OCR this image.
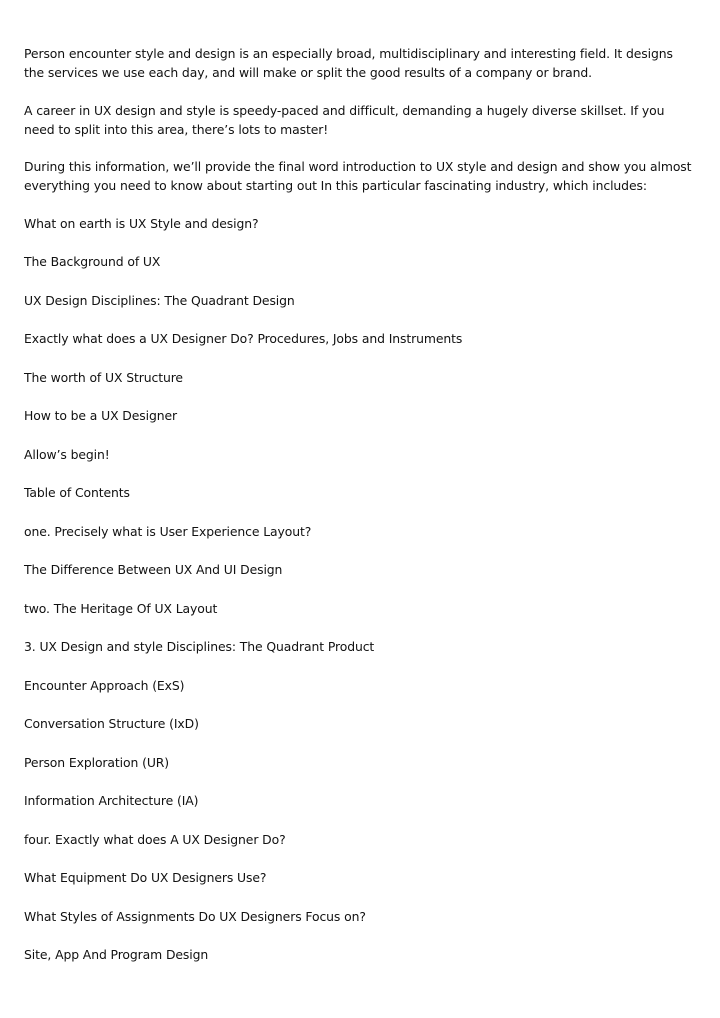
Person encounter style and design is an especially broad, multidisciplinary and interesting field. It designs the services we use each day, and will make or split the good results of a company or brand.

A career in UX design and style is speedy-paced and difficult, demanding a hugely diverse skillset. If you need to split into this area, there’s lots to master!

During this information, we’ll provide the final word introduction to UX style and design and show you almost everything you need to know about starting out In this particular fascinating industry, which includes:

What on earth is UX Style and design?

The Background of UX

UX Design Disciplines: The Quadrant Design

Exactly what does a UX Designer Do? Procedures, Jobs and Instruments

The worth of UX Structure

How to be a UX Designer

Allow’s begin!

Table of Contents

one. Precisely what is User Experience Layout?

The Difference Between UX And UI Design

two. The Heritage Of UX Layout

3. UX Design and style Disciplines: The Quadrant Product

Encounter Approach (ExS)

Conversation Structure (IxD)

Person Exploration (UR)

Information Architecture (IA)

four. Exactly what does A UX Designer Do?

What Equipment Do UX Designers Use?

What Styles of Assignments Do UX Designers Focus on?

Site, App And Program Design
